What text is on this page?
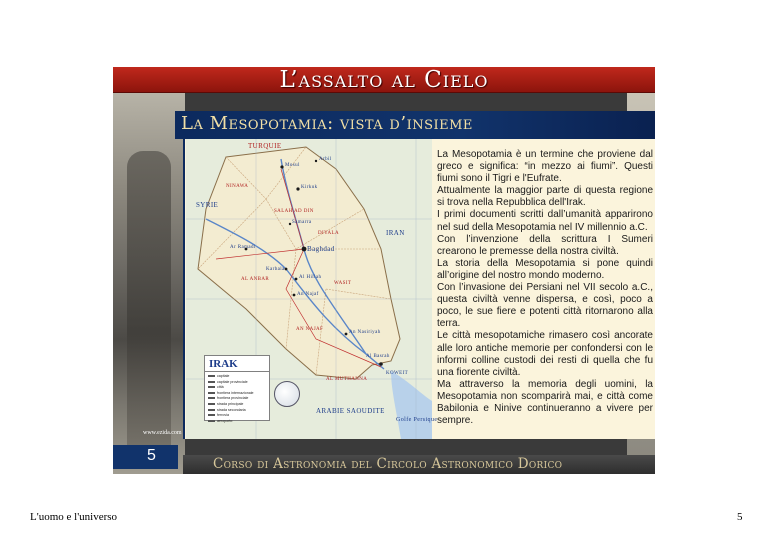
L’assalto al Cielo
La Mesopotamia: vista d’insieme
TURQUIE
SYRIE
IRAN
NINAWA
AL ANBAR
AN NAJAF
AL MUTHANNA
ARABIE SAOUDITE
KOWEIT
SALAH AD DIN
DIYALA
WASIT
Mosul
Kirkuk
Baghdad
Karbala
Al Hillah
An Najaf
Ar Ramadi
An Nasiriyah
Al Basrah
Samarra
Arbil
Golfe Persique
IRAK
capitale
capitale provinciale
città
frontiera internazionale
frontiera provinciale
strada principale
strada secondaria
ferrovia
aeroporto

La Mesopotamia è un termine che proviene dal greco e significa: “in mezzo ai fiumi”. Questi fiumi sono il Tigri e l'Eufrate.

Attualmente la maggior parte di questa regione si trova nella Repubblica dell'Irak.

I primi documenti scritti dall’umanità apparirono nel sud della Mesopotamia nel IV millennio a.C.

Con l’invenzione della scrittura I Sumeri crearono le premesse della nostra civiltà.

La storia della Mesopotamia si pone quindi all’origine del nostro mondo moderno.

Con l’invasione dei Persiani nel VII secolo a.C., questa civiltà venne dispersa, e così, poco a poco, le sue fiere e potenti città ritornarono alla terra.

Le città mesopotamiche rimasero così ancorate alle loro antiche memorie per confondersi con le informi colline custodi dei resti di quella che fu una fiorente civiltà.

Ma attraverso la memoria degli uomini, la Mesopotamia non scomparirà mai, e città come Babilonia e Ninive continueranno a vivere per sempre.

www.ezida.com
5	Corso di Astronomia del Circolo Astronomico Dorico
L'uomo e l'universo	5
